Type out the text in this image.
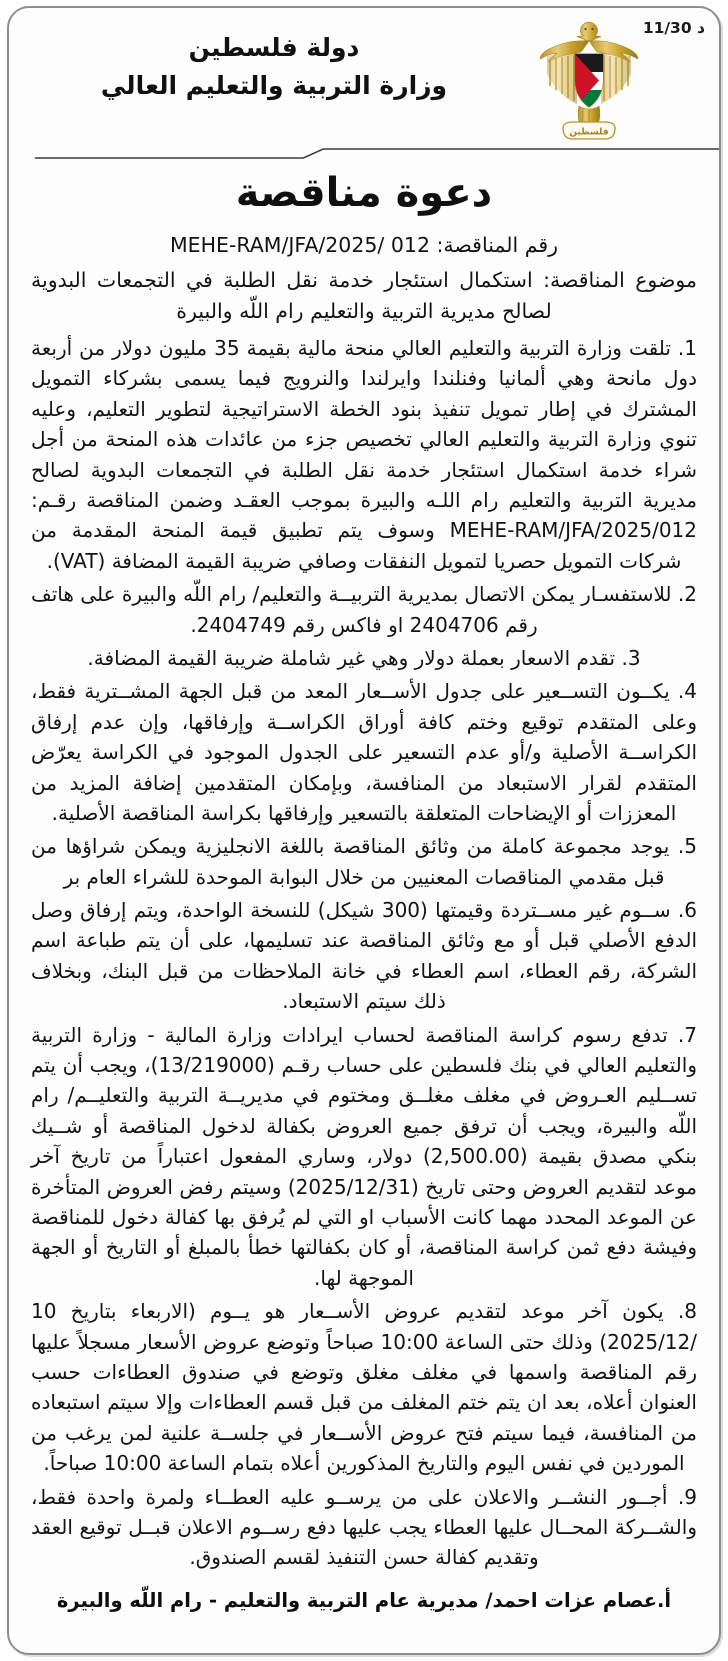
11/30 د
فلسطين
دولة فلسطين
وزارة التربية والتعليم العالي
دعوة مناقصة
رقم المناقصة: MEHE-RAM/JFA/2025/ 012
موضوع المناقصة: استكمال استئجار خدمة نقل الطلبة في التجمعات البدوية لصالح مديرية التربية والتعليم رام اللّه والبيرة
1. تلقت وزارة التربية والتعليم العالي منحة مالية بقيمة 35 مليون دولار من أربعة دول مانحة وهي ألمانيا وفنلندا وايرلندا والنرويج فيما يسمى بشركاء التمويل المشترك في إطار تمويل تنفيذ بنود الخطة الاستراتيجية لتطوير التعليم، وعليه تنوي وزارة التربية والتعليم العالي تخصيص جزء من عائدات هذه المنحة من أجل شراء خدمة استكمال استئجار خدمة نقل الطلبة في التجمعات البدوية لصالح مديرية التربية والتعليم رام اللـه والبيرة بموجب العقـد وضمن المناقصة رقـم: 012/MEHE-RAM/JFA/2025 وسوف يتم تطبيق قيمة المنحة المقدمة من شركات التمويل حصريا لتمويل النفقات وصافي ضريبة القيمة المضافة (VAT).
2. للاستفسـار يمكن الاتصال بمديرية التربيــة والتعليم/ رام اللّه والبيرة على هاتف رقم 2404706 او فاكس رقم 2404749.
3. تقدم الاسعار بعملة دولار وهي غير شاملة ضريبة القيمة المضافة.
4. يكــون التســعير على جدول الأســعار المعد من قبل الجهة المشــترية فقط، وعلى المتقدم توقيع وختم كافة أوراق الكراســة وإرفاقها، وإن عدم إرفاق الكراســة الأصلية و/أو عدم التسعير على الجدول الموجود في الكراسة يعرّض المتقدم لقرار الاستبعاد من المنافسة، وبإمكان المتقدمين إضافة المزيد من المعززات أو الإيضاحات المتعلقة بالتسعير وإرفاقها بكراسة المناقصة الأصلية.
5. يوجد مجموعة كاملة من وثائق المناقصة باللغة الانجليزية ويمكن شراؤها من قبل مقدمي المناقصات المعنيين من خلال البوابة الموحدة للشراء العام بر
6. ســوم غير مســتردة وقيمتها (300 شيكل) للنسخة الواحدة، ويتم إرفاق وصل الدفع الأصلي قبل أو مع وثائق المناقصة عند تسليمها، على أن يتم طباعة اسم الشركة، رقم العطاء، اسم العطاء في خانة الملاحظات من قبل البنك، وبخلاف ذلك سيتم الاستبعاد.
7. تدفع رسوم كراسة المناقصة لحساب ايرادات وزارة المالية - وزارة التربية والتعليم العالي في بنك فلسطين على حساب رقـم (13/219000)، ويجب أن يتم تســليم العـروض في مغلف مغلــق ومختوم في مديريــة التربية والتعليــم/ رام اللّه والبيرة، ويجب أن ترفق جميع العروض بكفالة لدخول المناقصة أو شــيك بنكي مصدق بقيمة (2,500.00) دولار، وساري المفعول اعتباراً من تاريخ آخر موعد لتقديم العروض وحتى تاريخ (2025/12/31) وسيتم رفض العروض المتأخرة عن الموعد المحدد مهما كانت الأسباب او التي لم يُرفق بها كفالة دخول للمناقصة وفيشة دفع ثمن كراسة المناقصة، أو كان بكفالتها خطأ بالمبلغ أو التاريخ أو الجهة الموجهة لها.
8. يكون آخر موعد لتقديم عروض الأســعار هو يــوم (الاربعاء بتاريخ 10 /2025/12) وذلك حتى الساعة 10:00 صباحاً وتوضع عروض الأسعار مسجلاً عليها رقم المناقصة واسمها في مغلف مغلق وتوضع في صندوق العطاءات حسب العنوان أعلاه، بعد ان يتم ختم المغلف من قبل قسم العطاءات وإلا سيتم استبعاده من المنافسة، فيما سيتم فتح عروض الأســعار في جلســة علنية لمن يرغب من الموردين في نفس اليوم والتاريخ المذكورين أعلاه بتمام الساعة 10:00 صباحاً.
9. أجــور النشــر والاعلان على من يرســو عليه العطــاء ولمرة واحدة فقط، والشــركة المحــال عليها العطاء يجب عليها دفع رســوم الاعلان قبــل توقيع العقد وتقديم كفالة حسن التنفيذ لقسم الصندوق.
أ.عصام عزات احمد/ مديرية عام التربية والتعليم - رام اللّه والبيرة
